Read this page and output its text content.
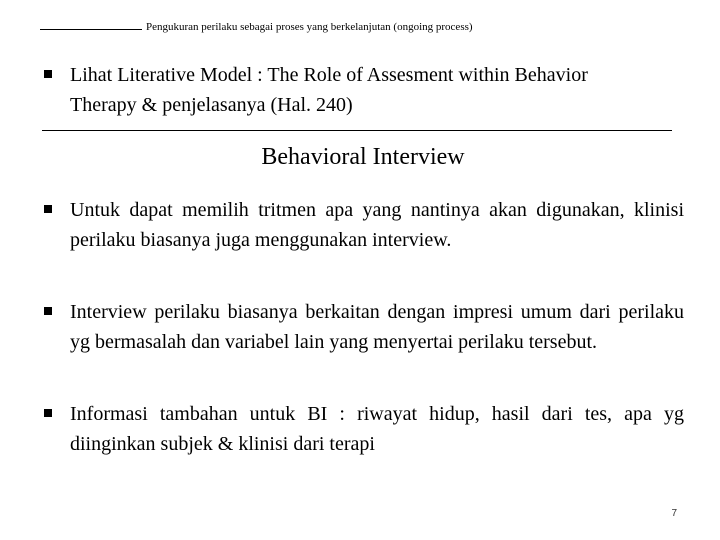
Pengukuran perilaku sebagai proses yang berkelanjutan (ongoing process)
Lihat Literative Model : The Role of Assesment within Behavior Therapy & penjelasanya (Hal. 240)
Behavioral Interview
Untuk dapat memilih tritmen apa yang nantinya akan digunakan, klinisi perilaku biasanya juga menggunakan interview.
Interview perilaku biasanya berkaitan dengan impresi umum dari perilaku yg bermasalah dan variabel lain yang menyertai perilaku tersebut.
Informasi tambahan untuk BI : riwayat hidup, hasil dari tes, apa yg diinginkan subjek & klinisi dari terapi
7
